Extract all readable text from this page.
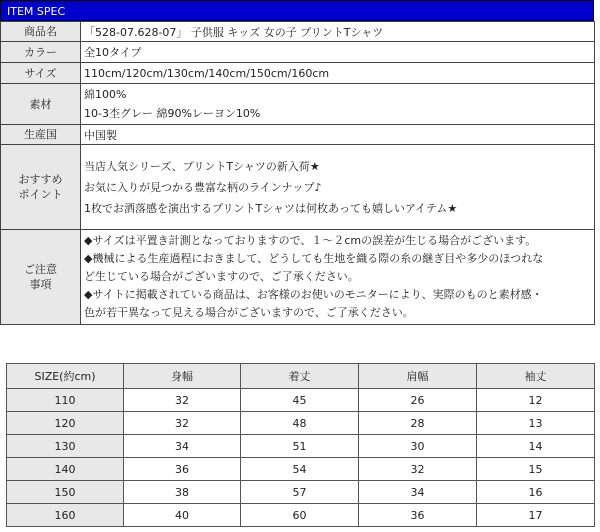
ITEM SPEC
商品名	「528-07.628-07」 子供服 キッズ 女の子 プリントTシャツ

カラー	全10タイプ

サイズ	110cm/120cm/130cm/140cm/150cm/160cm

素材	綿100%
10-3杢グレー 綿90%レーヨン10%

生産国	中国製

おすすめ
ポイント	当店人気シリーズ、プリントTシャツの新入荷★
お気に入りが見つかる豊富な柄のラインナップ♪
1枚でお洒落感を演出するプリントTシャツは何枚あっても嬉しいアイテム★

ご注意
事項	◆サイズは平置き計測となっておりますので、１～２cmの誤差が生じる場合がございます。
◆機械による生産過程におきまして、どうしても生地を織る際の糸の継ぎ目や多少のほつれな
ど生じている場合がございますので、ご了承ください。
◆サイトに掲載されている商品は、お客様のお使いのモニターにより、実際のものと素材感・
色が若干異なって見える場合がございますので、ご了承ください。
SIZE(約cm)	身幅	着丈	肩幅	袖丈
110	32	45	26	12
120	32	48	28	13
130	34	51	30	14
140	36	54	32	15
150	38	57	34	16
160	40	60	36	17
